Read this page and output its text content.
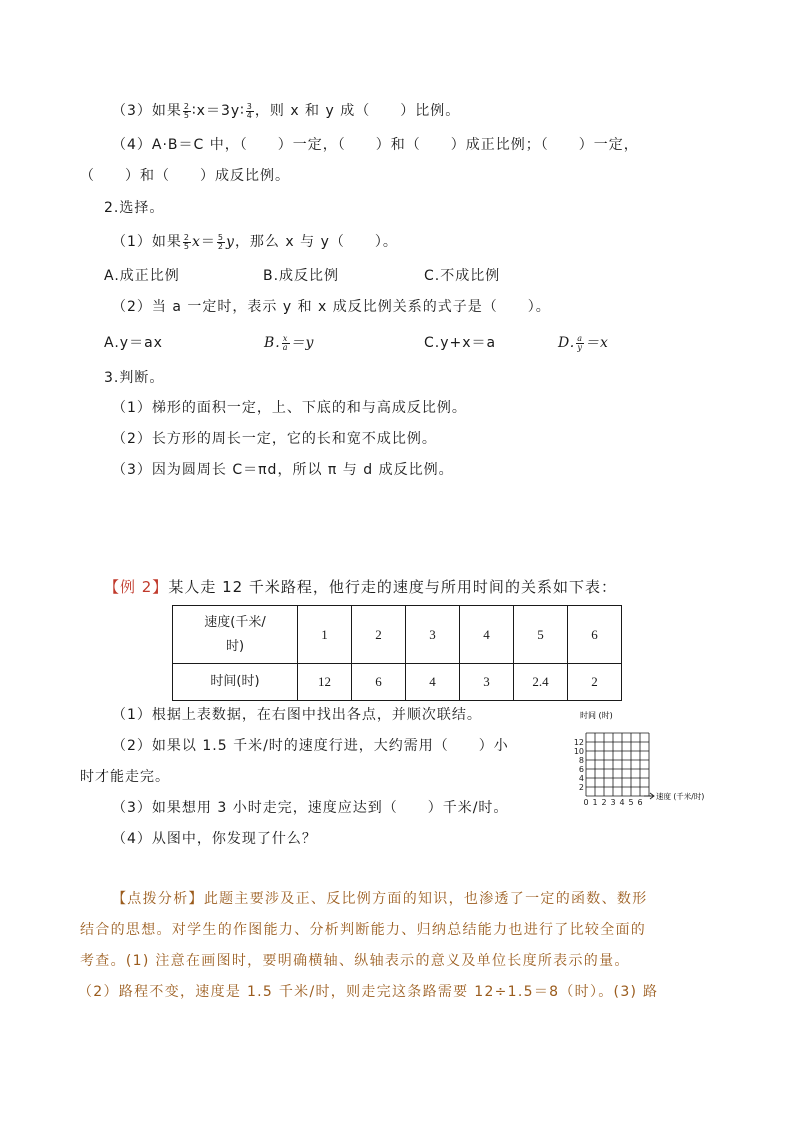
（3）如果 $\frac{2}{5}$ ∶x＝3y∶ $\frac{3}{4}$ ，则 x 和 y 成（　　）比例。
（4）A·B＝C 中，（　　）一定，（　　）和（　　）成正比例；（　　）一定，
（　　）和（　　）成反比例。
2.选择。
（1）如果 $\frac{2}{5} x= \frac{5}{2}$ y，那么 x 与 y（　　）。
A.成正比例	B.成反比例	C.不成比例
（2）当 a 一定时，表示 y 和 x 成反比例关系的式子是（　　）。
A.y＝ax	B. $\frac{x}{a} =y$	C.y+x＝a	D. $\frac{a}{y} =x$
3.判断。
（1）梯形的面积一定，上、下底的和与高成反比例。
（2）长方形的周长一定，它的长和宽不成比例。
（3）因为圆周长 C＝πd，所以 π 与 d 成反比例。
【例 2】某人走 12 千米路程，他行走的速度与所用时间的关系如下表：
速度(千米/
时)	1	2	3	4	5	6
时间(时)	12	6	4	3	2.4	2
（1）根据上表数据，在右图中找出各点，并顺次联结。
（2）如果以 1.5 千米/时的速度行进，大约需用（　　）小
时才能走完。
（3）如果想用 3 小时走完，速度应达到（　　）千米/时。
（4）从图中，你发现了什么？
时间 (时)
12
10
8
6
4
2
0 1 2 3 4 5 6
速度 (千米/时)
【点拨分析】此题主要涉及正、反比例方面的知识，也渗透了一定的函数、数形
结合的思想。对学生的作图能力、分析判断能力、归纳总结能力也进行了比较全面的
考查。(1) 注意在画图时，要明确横轴、纵轴表示的意义及单位长度所表示的量。
（2）路程不变，速度是 1.5 千米/时，则走完这条路需要 12÷1.5＝8（时）。(3) 路
